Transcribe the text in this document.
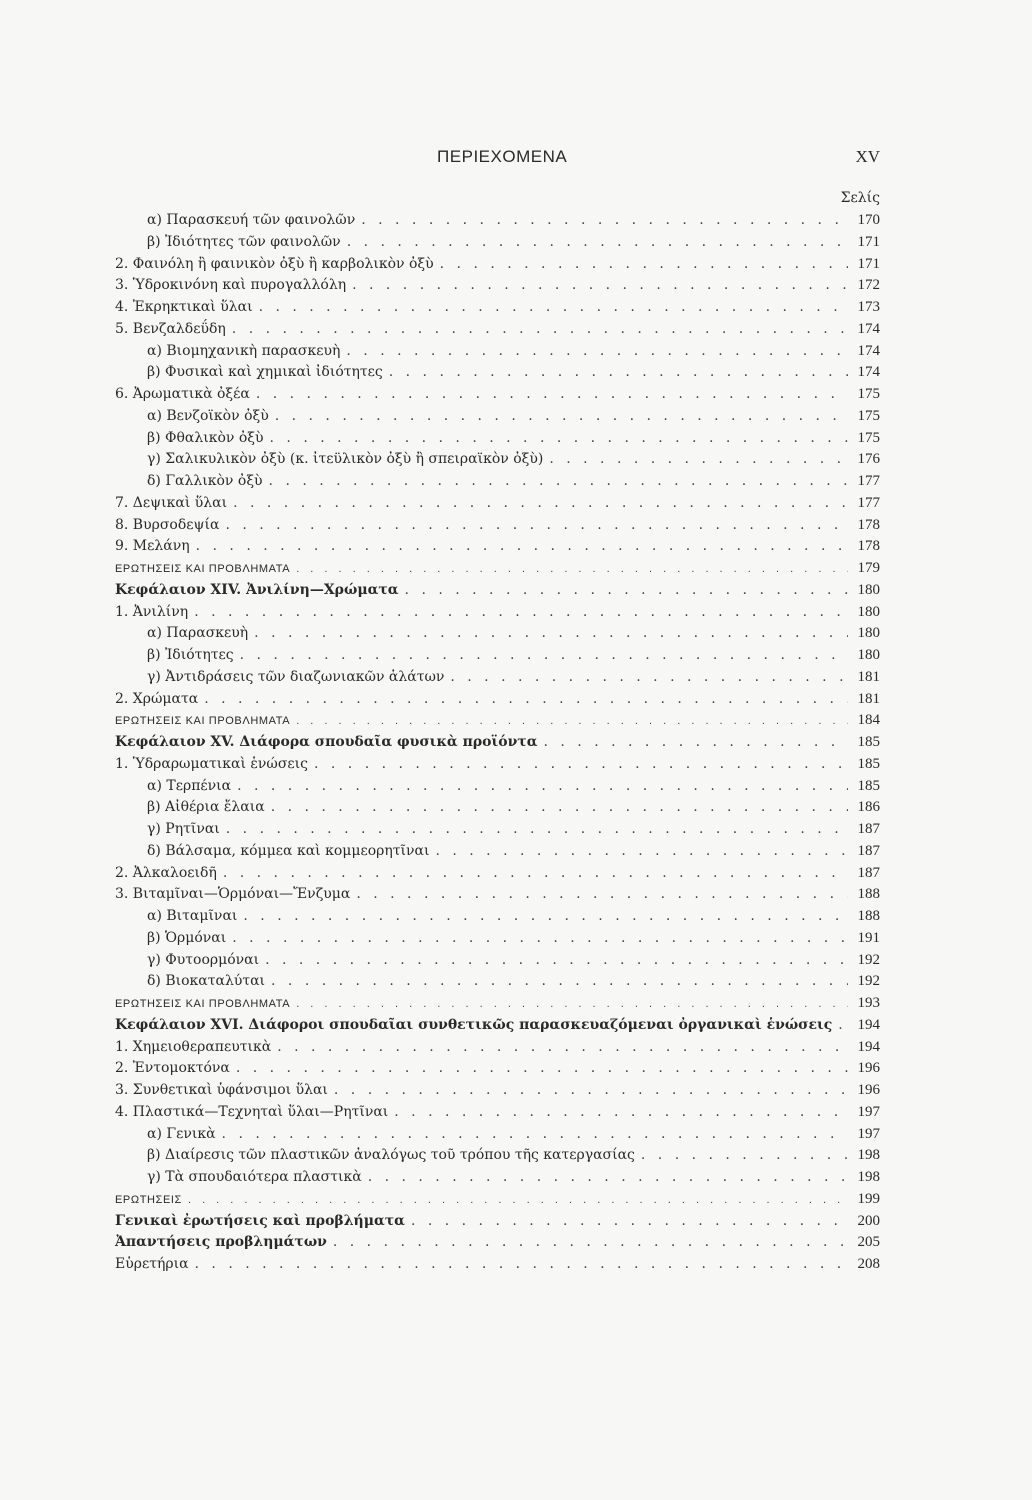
ΠΕΡΙΕΧΟΜΕΝΑ	XV
Σελίς
α) Παρασκευή τῶν φαινολῶν . . .	170
β) Ἰδιότητες τῶν φαινολῶν . . .	171
2. Φαινόλη ἢ φαινικὸν ὀξὺ ἢ καρβολικὸν ὀξὺ . . .	171
3. Ὑδροκινόνη καὶ πυρογαλλόλη . . .	172
4. Ἐκρηκτικαὶ ὕλαι . . .	173
5. Βενζαλδεΰδη . . .	174
α) Βιομηχανικὴ παρασκευὴ . . .	174
β) Φυσικαὶ καὶ χημικαὶ ἰδιότητες . . .	174
6. Ἀρωματικὰ ὀξέα . . .	175
α) Βενζοϊκὸν ὀξὺ . . .	175
β) Φθαλικὸν ὀξὺ . . .	175
γ) Σαλικυλικὸν ὀξὺ (κ. ἰτεϋλικὸν ὀξὺ ἢ σπειραϊκὸν ὀξὺ) . . .	176
δ) Γαλλικὸν ὀξὺ . . .	177
7. Δεψικαὶ ὕλαι . . .	177
8. Βυρσοδεψία . . .	178
9. Μελάνη . . .	178
ΕΡΩΤΗΣΕΙΣ ΚΑΙ ΠΡΟΒΛΗΜΑΤΑ . . .	179
Κεφάλαιον XIV. Ἀνιλίνη—Χρώματα . . .	180
1. Ἀνιλίνη . . .	180
α) Παρασκευὴ . . .	180
β) Ἰδιότητες . . .	180
γ) Ἀντιδράσεις τῶν διαζωνιακῶν ἁλάτων . . .	181
2. Χρώματα . . .	181
ΕΡΩΤΗΣΕΙΣ ΚΑΙ ΠΡΟΒΛΗΜΑΤΑ . . .	184
Κεφάλαιον XV. Διάφορα σπουδαῖα φυσικὰ προϊόντα . . .	185
1. Ὑδραρωματικαὶ ἑνώσεις . . .	185
α) Τερπένια . . .	185
β) Αἰθέρια ἔλαια . . .	186
γ) Ρητῖναι . . .	187
δ) Βάλσαμα, κόμμεα καὶ κομμεορητῖναι . . .	187
2. Ἀλκαλοειδῆ . . .	187
3. Βιταμῖναι—Ὁρμόναι—Ἔνζυμα . . .	188
α) Βιταμῖναι . . .	188
β) Ὁρμόναι . . .	191
γ) Φυτοορμόναι . . .	192
δ) Βιοκαταλύται . . .	192
ΕΡΩΤΗΣΕΙΣ ΚΑΙ ΠΡΟΒΛΗΜΑΤΑ . . .	193
Κεφάλαιον XVI. Διάφοροι σπουδαῖαι συνθετικῶς παρασκευαζόμεναι ὀργανικαὶ ἑνώσεις . . . 194
1. Χημειοθεραπευτικὰ . . .	194
2. Ἐντομοκτόνα . . .	196
3. Συνθετικαὶ ὑφάνσιμοι ὕλαι . . .	196
4. Πλαστικά—Τεχνηταὶ ὕλαι—Ρητῖναι . . .	197
α) Γενικὰ . . .	197
β) Διαίρεσις τῶν πλαστικῶν ἀναλόγως τοῦ τρόπου τῆς κατεργασίας . . .	198
γ) Τὰ σπουδαιότερα πλαστικὰ . . .	198
ΕΡΩΤΗΣΕΙΣ . . .	199
Γενικαὶ ἐρωτήσεις καὶ προβλήματα . . .	200
Ἀπαντήσεις προβλημάτων . . .	205
Εὑρετήρια . . .	208
